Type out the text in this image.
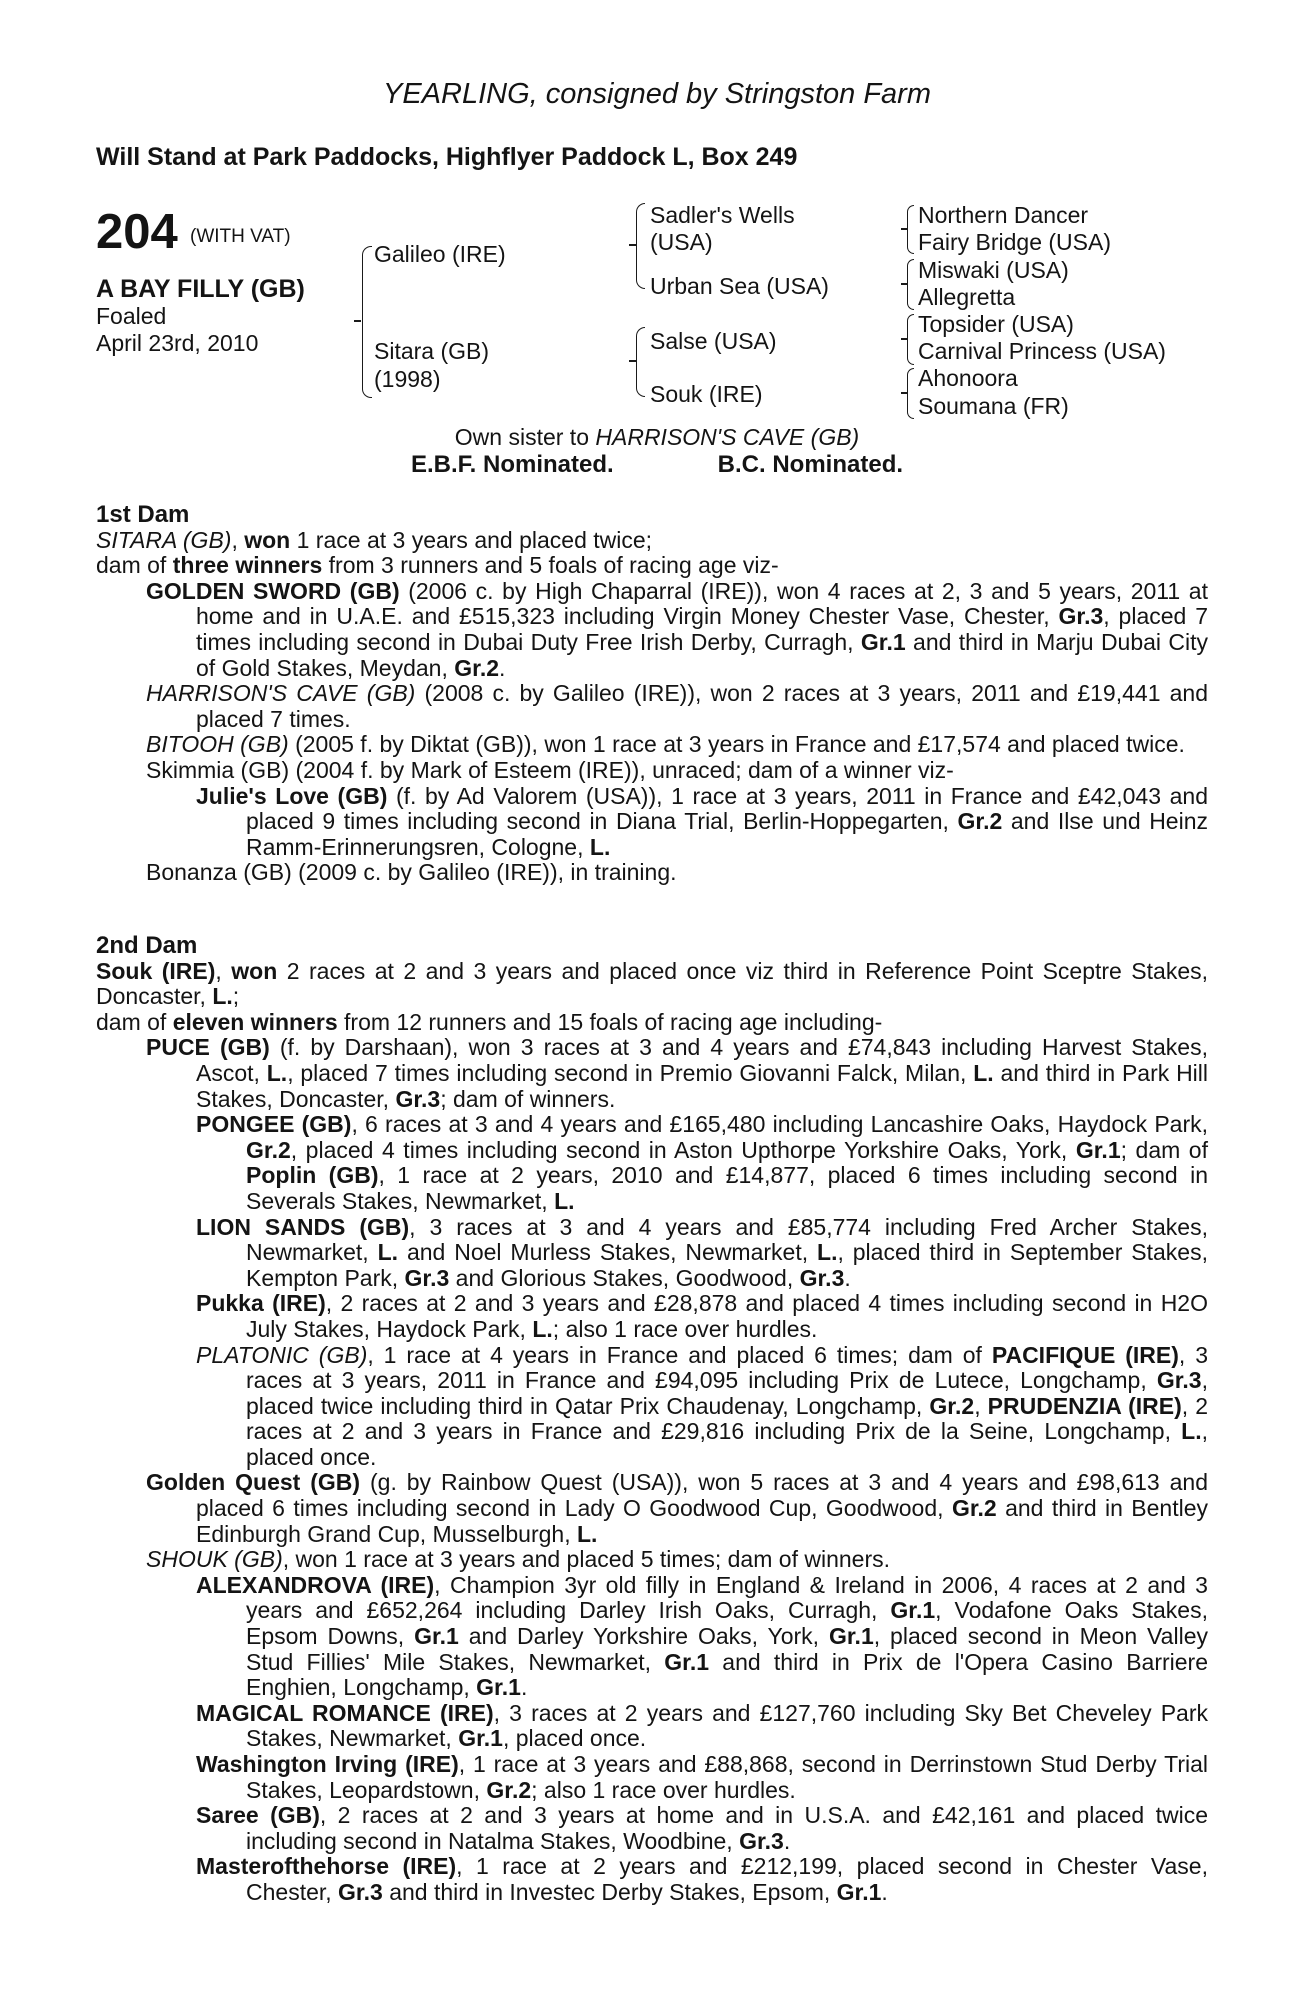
YEARLING, consigned by Stringston Farm
Will Stand at Park Paddocks, Highflyer Paddock L, Box 249
204 (WITH VAT)
A BAY FILLY (GB)
Foaled
April 23rd, 2010
Galileo (IRE)
Sitara (GB)
(1998)
Sadler's Wells
(USA)
Urban Sea (USA)
Salse (USA)
Souk (IRE)
Northern Dancer
Fairy Bridge (USA)
Miswaki (USA)
Allegretta
Topsider (USA)
Carnival Princess (USA)
Ahonoora
Soumana (FR)
Own sister to HARRISON'S CAVE (GB)
E.B.F. Nominated.	B.C. Nominated.
1st Dam
SITARA (GB), won 1 race at 3 years and placed twice;
dam of three winners from 3 runners and 5 foals of racing age viz-
GOLDEN SWORD (GB) (2006 c. by High Chaparral (IRE)), won 4 races at 2, 3 and 5 years, 2011 at home and in U.A.E. and £515,323 including Virgin Money Chester Vase, Chester, Gr.3, placed 7 times including second in Dubai Duty Free Irish Derby, Curragh, Gr.1 and third in Marju Dubai City of Gold Stakes, Meydan, Gr.2.
HARRISON'S CAVE (GB) (2008 c. by Galileo (IRE)), won 2 races at 3 years, 2011 and £19,441 and placed 7 times.
BITOOH (GB) (2005 f. by Diktat (GB)), won 1 race at 3 years in France and £17,574 and placed twice.
Skimmia (GB) (2004 f. by Mark of Esteem (IRE)), unraced; dam of a winner viz-
Julie's Love (GB) (f. by Ad Valorem (USA)), 1 race at 3 years, 2011 in France and £42,043 and placed 9 times including second in Diana Trial, Berlin-Hoppegarten, Gr.2 and Ilse und Heinz Ramm-Erinnerungsren, Cologne, L.
Bonanza (GB) (2009 c. by Galileo (IRE)), in training.
2nd Dam
Souk (IRE), won 2 races at 2 and 3 years and placed once viz third in Reference Point Sceptre Stakes, Doncaster, L.;
dam of eleven winners from 12 runners and 15 foals of racing age including-
PUCE (GB) (f. by Darshaan), won 3 races at 3 and 4 years and £74,843 including Harvest Stakes, Ascot, L., placed 7 times including second in Premio Giovanni Falck, Milan, L. and third in Park Hill Stakes, Doncaster, Gr.3; dam of winners.
PONGEE (GB), 6 races at 3 and 4 years and £165,480 including Lancashire Oaks, Haydock Park, Gr.2, placed 4 times including second in Aston Upthorpe Yorkshire Oaks, York, Gr.1; dam of Poplin (GB), 1 race at 2 years, 2010 and £14,877, placed 6 times including second in Severals Stakes, Newmarket, L.
LION SANDS (GB), 3 races at 3 and 4 years and £85,774 including Fred Archer Stakes, Newmarket, L. and Noel Murless Stakes, Newmarket, L., placed third in September Stakes, Kempton Park, Gr.3 and Glorious Stakes, Goodwood, Gr.3.
Pukka (IRE), 2 races at 2 and 3 years and £28,878 and placed 4 times including second in H2O July Stakes, Haydock Park, L.; also 1 race over hurdles.
PLATONIC (GB), 1 race at 4 years in France and placed 6 times; dam of PACIFIQUE (IRE), 3 races at 3 years, 2011 in France and £94,095 including Prix de Lutece, Longchamp, Gr.3, placed twice including third in Qatar Prix Chaudenay, Longchamp, Gr.2, PRUDENZIA (IRE), 2 races at 2 and 3 years in France and £29,816 including Prix de la Seine, Longchamp, L., placed once.
Golden Quest (GB) (g. by Rainbow Quest (USA)), won 5 races at 3 and 4 years and £98,613 and placed 6 times including second in Lady O Goodwood Cup, Goodwood, Gr.2 and third in Bentley Edinburgh Grand Cup, Musselburgh, L.
SHOUK (GB), won 1 race at 3 years and placed 5 times; dam of winners.
ALEXANDROVA (IRE), Champion 3yr old filly in England & Ireland in 2006, 4 races at 2 and 3 years and £652,264 including Darley Irish Oaks, Curragh, Gr.1, Vodafone Oaks Stakes, Epsom Downs, Gr.1 and Darley Yorkshire Oaks, York, Gr.1, placed second in Meon Valley Stud Fillies' Mile Stakes, Newmarket, Gr.1 and third in Prix de l'Opera Casino Barriere Enghien, Longchamp, Gr.1.
MAGICAL ROMANCE (IRE), 3 races at 2 years and £127,760 including Sky Bet Cheveley Park Stakes, Newmarket, Gr.1, placed once.
Washington Irving (IRE), 1 race at 3 years and £88,868, second in Derrinstown Stud Derby Trial Stakes, Leopardstown, Gr.2; also 1 race over hurdles.
Saree (GB), 2 races at 2 and 3 years at home and in U.S.A. and £42,161 and placed twice including second in Natalma Stakes, Woodbine, Gr.3.
Masterofthehorse (IRE), 1 race at 2 years and £212,199, placed second in Chester Vase, Chester, Gr.3 and third in Investec Derby Stakes, Epsom, Gr.1.
